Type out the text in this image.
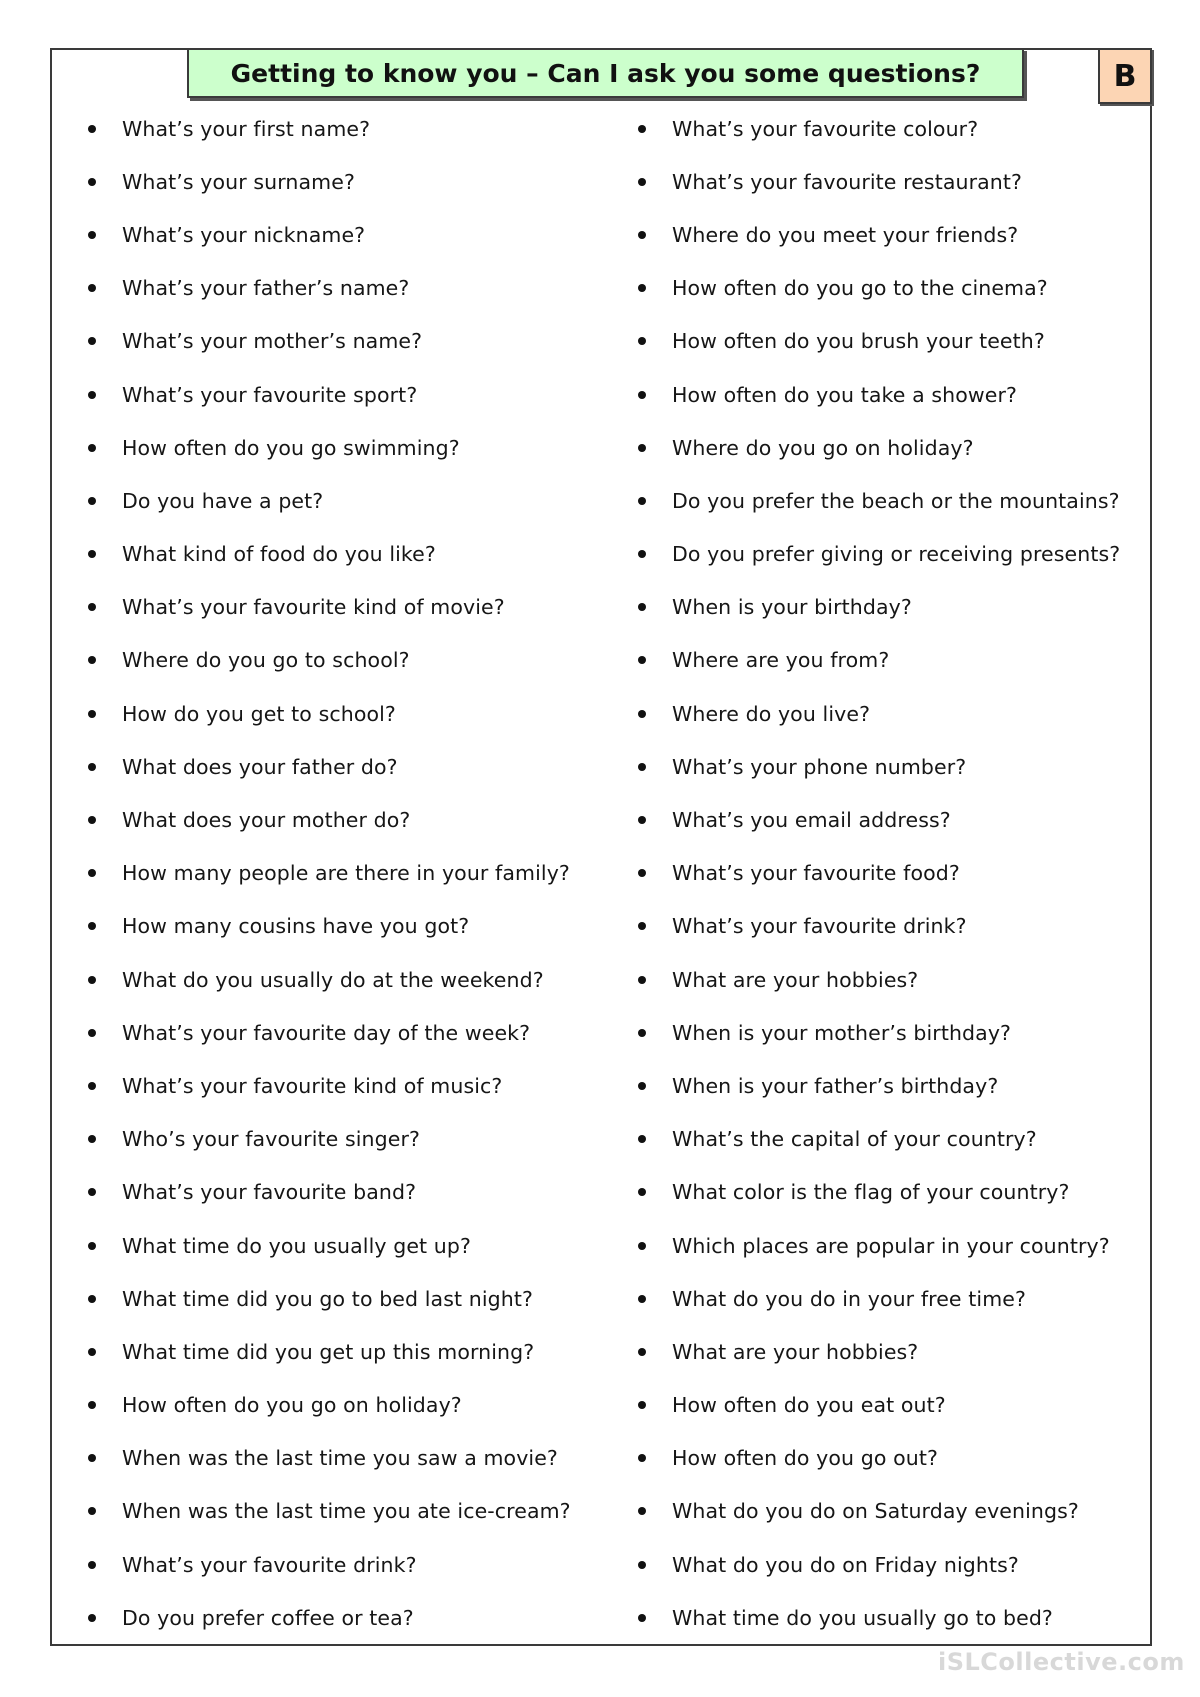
Getting to know you – Can I ask you some questions?	B
What’s your first name?
What’s your surname?
What’s your nickname?
What’s your father’s name?
What’s your mother’s name?
What’s your favourite sport?
How often do you go swimming?
Do you have a pet?
What kind of food do you like?
What’s your favourite kind of movie?
Where do you go to school?
How do you get to school?
What does your father do?
What does your mother do?
How many people are there in your family?
How many cousins have you got?
What do you usually do at the weekend?
What’s your favourite day of the week?
What’s your favourite kind of music?
Who’s your favourite singer?
What’s your favourite band?
What time do you usually get up?
What time did you go to bed last night?
What time did you get up this morning?
How often do you go on holiday?
When was the last time you saw a movie?
When was the last time you ate ice-cream?
What’s your favourite drink?
Do you prefer coffee or tea?
What’s your favourite colour?
What’s your favourite restaurant?
Where do you meet your friends?
How often do you go to the cinema?
How often do you brush your teeth?
How often do you take a shower?
Where do you go on holiday?
Do you prefer the beach or the mountains?
Do you prefer giving or receiving presents?
When is your birthday?
Where are you from?
Where do you live?
What’s your phone number?
What’s you email address?
What’s your favourite food?
What’s your favourite drink?
What are your hobbies?
When is your mother’s birthday?
When is your father’s birthday?
What’s the capital of your country?
What color is the flag of your country?
Which places are popular in your country?
What do you do in your free time?
What are your hobbies?
How often do you eat out?
How often do you go out?
What do you do on Saturday evenings?
What do you do on Friday nights?
What time do you usually go to bed?
iSLCollective.com
